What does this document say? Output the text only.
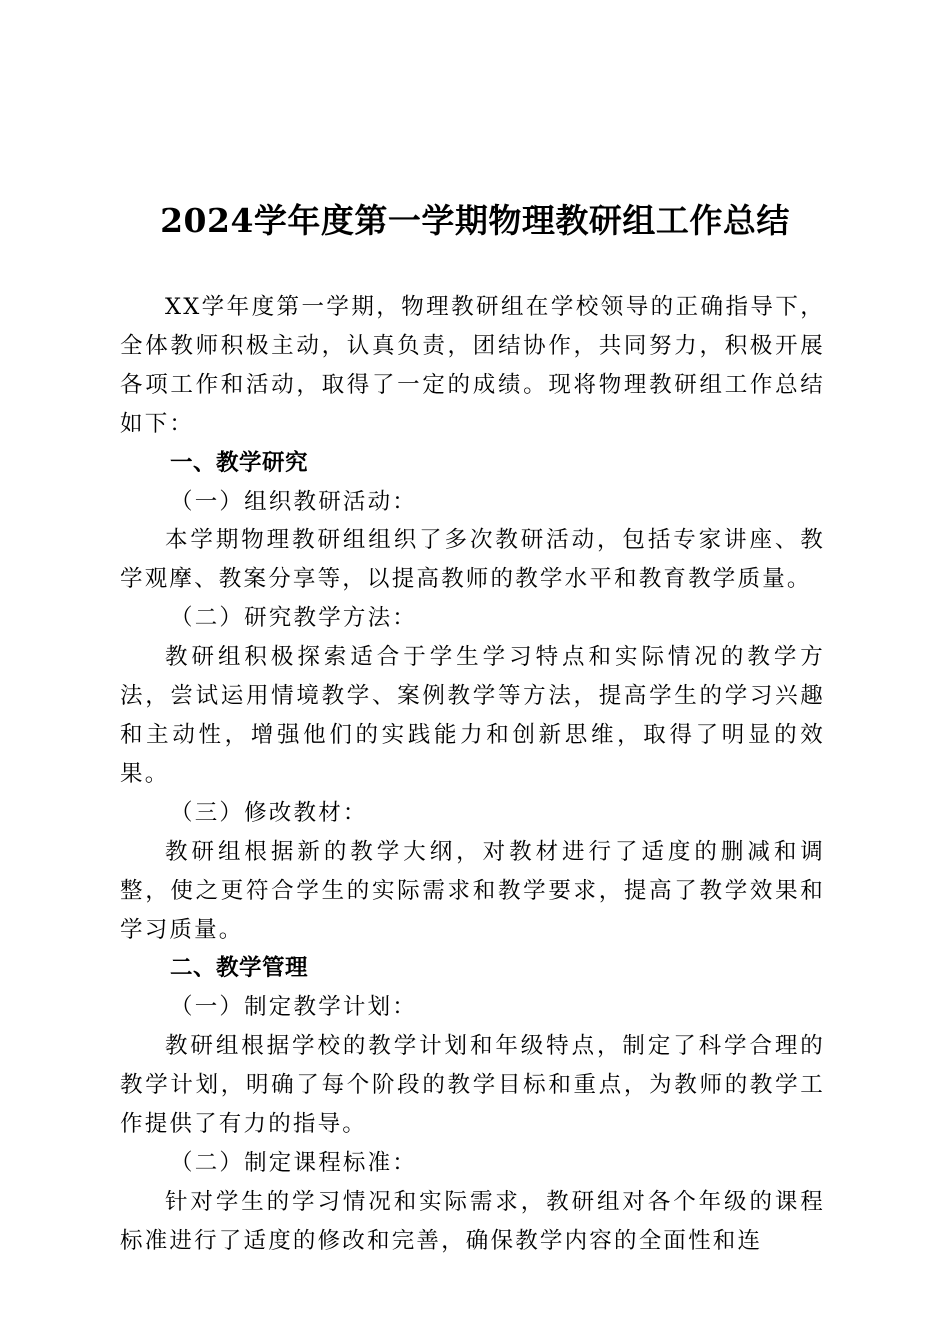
2024学年度第一学期物理教研组工作总结

XX学年度第一学期，物理教研组在学校领导的正确指导下，全体教师积极主动，认真负责，团结协作，共同努力，积极开展各项工作和活动，取得了一定的成绩。现将物理教研组工作总结如下：

一、教学研究

（一）组织教研活动：

本学期物理教研组组织了多次教研活动，包括专家讲座、教学观摩、教案分享等，以提高教师的教学水平和教育教学质量。

（二）研究教学方法：

教研组积极探索适合于学生学习特点和实际情况的教学方法，尝试运用情境教学、案例教学等方法，提高学生的学习兴趣和主动性，增强他们的实践能力和创新思维，取得了明显的效果。

（三）修改教材：

教研组根据新的教学大纲，对教材进行了适度的删减和调整，使之更符合学生的实际需求和教学要求，提高了教学效果和学习质量。

二、教学管理

（一）制定教学计划：

教研组根据学校的教学计划和年级特点，制定了科学合理的教学计划，明确了每个阶段的教学目标和重点，为教师的教学工作提供了有力的指导。

（二）制定课程标准：

针对学生的学习情况和实际需求，教研组对各个年级的课程标准进行了适度的修改和完善，确保教学内容的全面性和连
